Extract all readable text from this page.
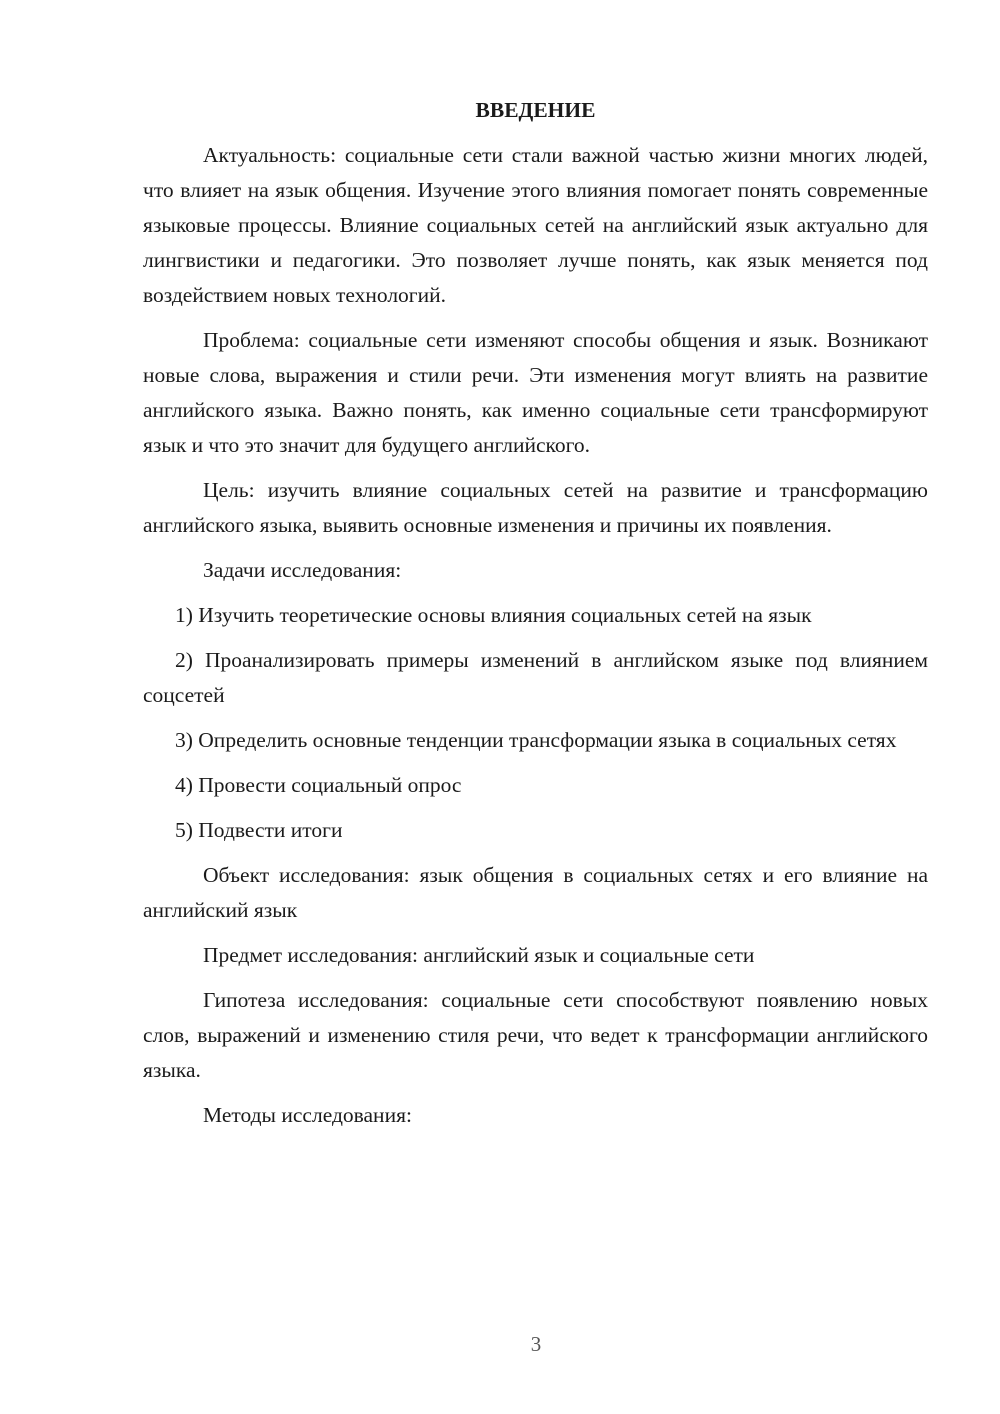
ВВЕДЕНИЕ

Актуальность: социальные сети стали важной частью жизни многих людей, что влияет на язык общения. Изучение этого влияния помогает понять современные языковые процессы. Влияние социальных сетей на английский язык актуально для лингвистики и педагогики. Это позволяет лучше понять, как язык меняется под воздействием новых технологий.

Проблема: социальные сети изменяют способы общения и язык. Возникают новые слова, выражения и стили речи. Эти изменения могут влиять на развитие английского языка. Важно понять, как именно социальные сети трансформируют язык и что это значит для будущего английского.

Цель: изучить влияние социальных сетей на развитие и трансформацию английского языка, выявить основные изменения и причины их появления.

Задачи исследования:

1) Изучить теоретические основы влияния социальных сетей на язык

2) Проанализировать примеры изменений в английском языке под влиянием соцсетей

3) Определить основные тенденции трансформации языка в социальных сетях

4) Провести социальный опрос

5) Подвести итоги

Объект исследования: язык общения в социальных сетях и его влияние на английский язык

Предмет исследования: английский язык и социальные сети

Гипотеза исследования: социальные сети способствуют появлению новых слов, выражений и изменению стиля речи, что ведет к трансформации английского языка.

Методы исследования:

3
